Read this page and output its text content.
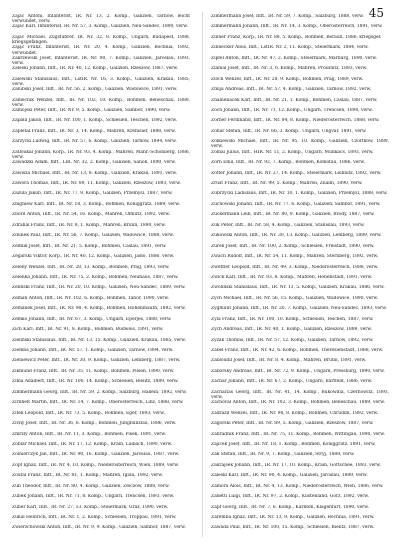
45
Zajac Antoni, Infanterist, IR. Nr. 13, 2. Komp., Galizien, Tarnów, leicht verwundet, verw.
Zajac Karl, Infanterist, IR. Nr. 57, 3. Komp., Galizien, Neu-Sandec, 1890, verw.
Zajac Michael, Zugsführer, IR. Nr. 32, 8. Komp., Ungarn, Budapest, 1888, kriegsgefangen.
Zając Franz, Infanterist, IR. Nr. 20, 4. Komp., Galizien, Bochnia, 1892, verwundet.
Zakrzewski Josef, Infanterist, IR. Nr. 90, 7. Komp., Galizien, Jaroslau, 1893, verw.
Zaleski Johann, Inft., IR. Nr. 40, 12. Komp., Galizien, Rzeszów, 1887, verw.
Zalewski Stanislaus, Inft., LstIR. Nr. 16, 3. Komp., Galizien, Krakau, 1885, verw.
Zalubski Josef, Inft., IR. Nr. 56, 2. Komp., Galizien, Wadowice, 1891, verw.
Zamecnik Wenzel, Inft., IR. Nr. 102, 10. Komp., Böhmen, Beneschau, 1889, verw.
Zamojski Peter, Inft., IR. Nr. 9, 5. Komp., Galizien, Sambor, 1890, verw.
Zapała Jakob, Inft., IR. Nr. 100, 1. Komp., Schlesien, Teschen, 1892, verw.
Zapletal Franz, Inft., IR. Nr. 3, 14. Komp., Mähren, Kremsier, 1888, verw.
Zarzycki Ludwig, Inft., IR. Nr. 57, 6. Komp., Galizien, Tarnów, 1894, verw.
Zatloukal Johann, Korp., IR. Nr. 93, 4. Komp., Mähren, Mähr.-Schönberg, 1886, verw.
Zawadzki Adam, Inft., LIR. Nr. 32, 2. Komp., Galizien, Sanok, 1890, verw.
Zawisza Michael, Inft., IR. Nr. 13, 8. Komp., Galizien, Krakau, 1891, verw.
Zawora Thomas, Inft., IR. Nr. 89, 11. Komp., Galizien, Rzeszów, 1893, verw.
Zazula Jakob, Inft., IR. Nr. 77, 9. Komp., Galizien, Przemyśl, 1887, verw.
Zbigniew Karl, Inft., IR. Nr. 18, 3. Komp., Böhmen, Königgrätz, 1889, verw.
Zbořil Anton, Inft., IR. Nr. 54, 16. Komp., Mähren, Olmütz, 1892, verw.
Zdráhal Franz, Inft., IR. Nr. 8, 1. Komp., Mähren, Brünn, 1890, verw.
Zdunek Paul, Inft., IR. Nr. 56, 7. Komp., Galizien, Wadowice, 1888, verw.
Zedník Josef, Inft., IR. Nr. 21, 5. Komp., Böhmen, Časlau, 1891, verw.
Zegarski Viktor, Korp., IR. Nr. 40, 12. Komp., Galizien, Jasło, 1886, verw.
Zeleny Wenzel, Inft., IR. Nr. 28, 13. Komp., Böhmen, Prag, 1893, verw.
Zelenka Johann, Inft., IR. Nr. 75, 2. Komp., Böhmen, Neuhaus, 1887, verw.
Zelinski Franz, Inft., IR. Nr. 20, 10. Komp., Galizien, Neu-Sandec, 1889, verw.
Zeman Anton, Inft., IR. Nr. 102, 6. Komp., Böhmen, Tabor, 1890, verw.
Zemánek Josef, Inft., IR. Nr. 98, 4. Komp., Böhmen, Hohenmauth, 1892, verw.
Zemko Johann, Inft., IR. Nr. 67, 3. Komp., Ungarn, Eperjes, 1888, verw.
Zich Karl, Inft., IR. Nr. 91, 8. Komp., Böhmen, Budweis, 1891, verw.
Zieliński Stanislaus, Inft., IR. Nr. 13, 15. Komp., Galizien, Krakau, 1885, verw.
Ziemba Johann, Inft., IR. Nr. 57, 1. Komp., Galizien, Tarnów, 1894, verw.
Zieniewicz Peter, Inft., IR. Nr. 30, 9. Komp., Galizien, Lemberg, 1887, verw.
Zikmund Franz, Inft., IR. Nr. 35, 11. Komp., Böhmen, Pilsen, 1890, verw.
Zima Adalbert, Inft., IR. Nr. 100, 14. Komp., Schlesien, Bielitz, 1889, verw.
Zimmermann Georg, Inft., IR. Nr. 59, 2. Komp., Salzburg, Hallein, 1892, verw.
Zirnhelt Martin, Inft., IR. Nr. 14, 7. Komp., Oberösterreich, Linz, 1888, verw.
Zitek Leopold, Inft., IR. Nr. 73, 5. Komp., Böhmen, Eger, 1893, verw.
Zivný Josef, Inft., IR. Nr. 36, 6. Komp., Böhmen, Jungbunzlau, 1886, verw.
Zmrzlý Anton, Inft., IR. Nr. 11, 3. Komp., Böhmen, Pisek, 1891, verw.
Zoblar Michael, Inft., IR. Nr. 17, 12. Komp., Krain, Laibach, 1890, verw.
Zolnierczyk Jan, Inft., IR. Nr. 90, 16. Komp., Galizien, Jaroslau, 1887, verw.
Zopf Ignaz, Inft., IR. Nr. 4, 10. Komp., Niederösterreich, Wien, 1889, verw.
Zoufal Franz, Inft., IR. Nr. 81, 1. Komp., Mähren, Iglau, 1892, verw.
Zub Theodor, Inft., IR. Nr. 80, 4. Komp., Galizien, Złoczów, 1888, verw.
Zubek Johann, Inft., IR. Nr. 71, 8. Komp., Ungarn, Trencsén, 1893, verw.
Zuber Karl, Inft., IR. Nr. 27, 13. Komp., Steiermark, Graz, 1890, verw.
Zukal Heinrich, Inft., IR. Nr. 1, 2. Komp., Schlesien, Troppau, 1891, verw.
Zwierzchowski Anton, Inft., IR. Nr. 9, 9. Komp., Galizien, Sambor, 1887, verw.
Zimmermann Josef, Inft., IR. Nr. 59, 7. Komp., Salzburg, 1888, verw.
Zimmermann Johann, Inft., IR. Nr. 14, 3. Komp., Oberösterreich, 1891, verw.
Zinner Franz, Korp., IR. Nr. 88, 5. Komp., Böhmen, Beraun, 1886, kriegsgef.
Zinnecker Alois, Inft., LstIR. Nr. 2, 11. Komp., Steiermark, 1884, verw.
Zipfel Anton, Inft., IR. Nr. 47, 2. Komp., Steiermark, Marburg, 1890, verw.
Zlámal Josef, Inft., IR. Nr. 3, 6. Komp., Mähren, Prossnitz, 1893, verw.
Zloch Wenzel, Inft., IR. Nr. 28, 9. Komp., Böhmen, Prag, 1889, verw.
Zmija Andreas, Inft., IR. Nr. 57, 4. Komp., Galizien, Tarnów, 1892, verw.
Znamenáček Karl, Inft., IR. Nr. 21, 1. Komp., Böhmen, Časlau, 1887, verw.
Zoch Johann, Inft., IR. Nr. 71, 12. Komp., Ungarn, Trencsén, 1890, verw.
Zörner Ferdinand, Inft., IR. Nr. 84, 8. Komp., Niederösterreich, 1888, verw.
Zohar Stefan, Inft., IR. Nr. 66, 3. Komp., Ungarn, Ungvár, 1891, verw.
Zolkiewski Michael, Inft., IR. Nr. 95, 10. Komp., Galizien, Czortków, 1889, verw.
Zolnai Julius, Inft., HIR. Nr. 11, 2. Komp., Ungarn, Munkács, 1893, verw.
Zorn Emil, Inft., IR. Nr. 92, 7. Komp., Böhmen, Komotau, 1886, verw.
Zotter Johann, Inft., IR. Nr. 27, 14. Komp., Steiermark, Leibnitz, 1892, verw.
Zrust Franz, Inft., IR. Nr. 99, 5. Komp., Mähren, Znaim, 1890, verw.
Zubrzycki Ladislaus, Inft., IR. Nr. 10, 1. Komp., Galizien, Przemyśl, 1888, verw.
Zuchowski Johann, Inft., IR. Nr. 77, 6. Komp., Galizien, Sambor, 1891, verw.
Zuckermann Leib, Inft., IR. Nr. 80, 9. Komp., Galizien, Brody, 1887, verw.
Zuk Peter, Inft., IR. Nr. 58, 4. Komp., Galizien, Stanislau, 1893, verw.
Zukowski Anton, Inft., IR. Nr. 30, 13. Komp., Galizien, Lemberg, 1889, verw.
Zurek Josef, Inft., IR. Nr. 100, 2. Komp., Schlesien, Freistadt, 1890, verw.
Zwach Rudolf, Inft., IR. Nr. 54, 11. Komp., Mähren, Sternberg, 1892, verw.
Zwettler Leopold, Inft., IR. Nr. 49, 3. Komp., Niederösterreich, 1888, verw.
Zwick Karl, Inft., IR. Nr. 93, 8. Komp., Mähren, Hohenstadt, 1891, verw.
Zwolinski Stanislaus, Inft., IR. Nr. 13, 5. Komp., Galizien, Krakau, 1886, verw.
Zych Michael, Inft., IR. Nr. 56, 15. Komp., Galizien, Wadowice, 1890, verw.
Zygmunt Johann, Inft., IR. Nr. 20, 7. Komp., Galizien, Neu-Sandec, 1893, verw.
Zyla Franz, Inft., IR. Nr. 100, 10. Komp., Schlesien, Teschen, 1887, verw.
Zych Andreas, Inft., IR. Nr. 40, 1. Komp., Galizien, Rzeszów, 1889, verw.
Zyzak Thomas, Inft., IR. Nr. 57, 12. Komp., Galizien, Tarnów, 1892, verw.
Zabel Franz, Inft., IR. Nr. 42, 6. Komp., Böhmen, Theresienstadt, 1888, verw.
Zabloudil Josef, Inft., IR. Nr. 8, 4. Komp., Mähren, Brünn, 1891, verw.
Zaborsky Andreas, Inft., IR. Nr. 72, 9. Komp., Ungarn, Pressburg, 1890, verw.
Zachar Johann, Inft., IR. Nr. 67, 2. Komp., Ungarn, Bartfeld, 1886, verw.
Zacharias Georg, Inft., IR. Nr. 41, 14. Komp., Bukowina, Czernowitz, 1893, verw.
Zachoval Anton, Inft., IR. Nr. 102, 3. Komp., Böhmen, Beneschau, 1889, verw.
Zadrazil Wenzel, Inft., IR. Nr. 98, 8. Komp., Böhmen, Chrudim, 1892, verw.
Zagórski Peter, Inft., IR. Nr. 89, 5. Komp., Galizien, Rzeszów, 1887, verw.
Zahradnik Franz, Inft., IR. Nr. 75, 11. Komp., Böhmen, Wittingau, 1890, verw.
Zajíček Josef, Inft., IR. Nr. 18, 1. Komp., Böhmen, Königgrätz, 1891, verw.
Zak Stefan, Inft., IR. Nr. 9, 7. Komp., Galizien, Stryj, 1888, verw.
Zakrajsek Johann, Inft., IR. Nr. 17, 10. Komp., Krain, Gottschee, 1893, verw.
Zaleski Karl, Inft., IR. Nr. 90, 4. Komp., Galizien, Jaroslau, 1889, verw.
Zamora Alois, Inft., IR. Nr. 4, 13. Komp., Niederösterreich, Wien, 1886, verw.
Zanetti Luigi, Inft., IR. Nr. 97, 2. Komp., Küstenland, Görz, 1892, verw.
Zapf Georg, Inft., IR. Nr. 7, 6. Komp., Kärnten, Klagenfurt, 1890, verw.
Zaremba Ignaz, Inft., IR. Nr. 13, 9. Komp., Galizien, Bochnia, 1891, verw.
Zawada Paul, Inft., IR. Nr. 100, 15. Komp., Schlesien, Bielitz, 1887, verw.
